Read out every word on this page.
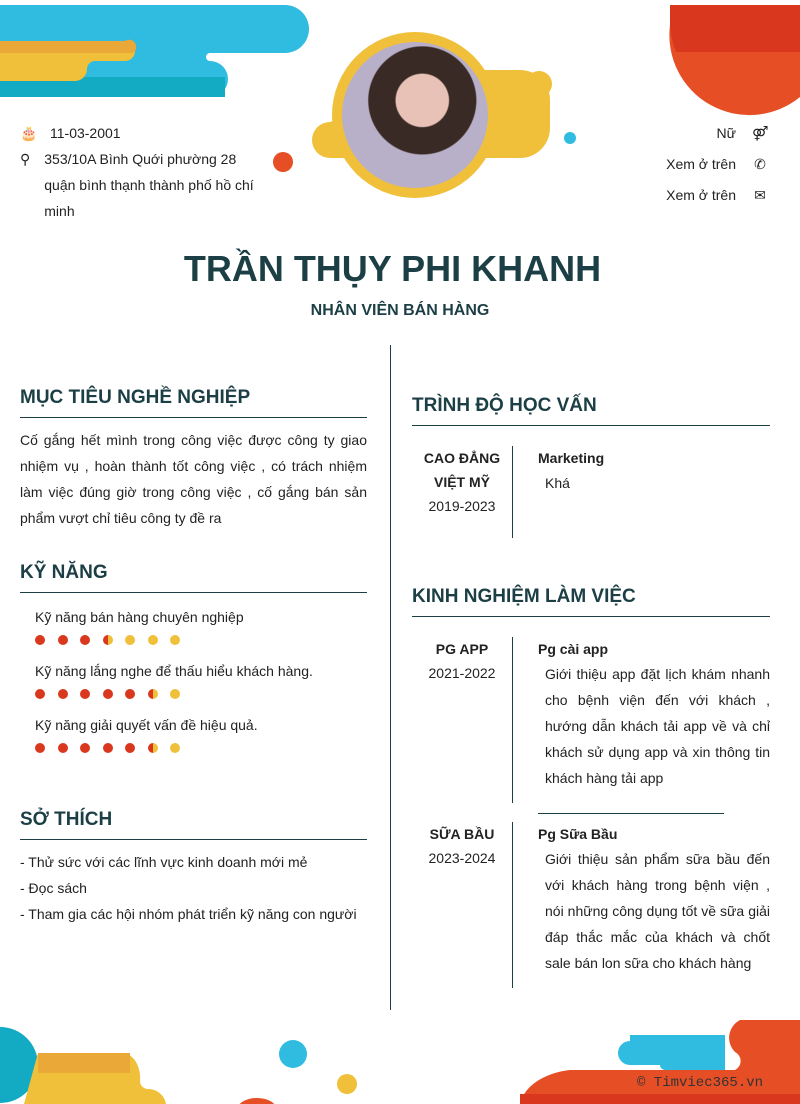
🎂 11-03-2001
⚲ 353/10A Bình Quới phường 28 quận bình thạnh thành phố hồ chí minh
Nữ ⚤
Xem ở trên ✆
Xem ở trên ✉
TRẦN THỤY PHI KHANH
NHÂN VIÊN BÁN HÀNG
MỤC TIÊU NGHỀ NGHIỆP
Cố gắng hết mình trong công việc được công ty giao nhiệm vụ , hoàn thành tốt công việc , có trách nhiệm làm việc đúng giờ trong công việc , cố gắng bán sản phẩm vượt chỉ tiêu công ty đề ra
KỸ NĂNG
Kỹ năng bán hàng chuyên nghiệp
Kỹ năng lắng nghe để thấu hiểu khách hàng.
Kỹ năng giải quyết vấn đề hiệu quả.
SỞ THÍCH
- Thử sức với các lĩnh vực kinh doanh mới mẻ
- Đọc sách
- Tham gia các hội nhóm phát triển kỹ năng con người
TRÌNH ĐỘ HỌC VẤN
CAO ĐẲNG VIỆT MỸ
2019-2023
Marketing
Khá
KINH NGHIỆM LÀM VIỆC
PG APP
2021-2022
Pg cài app
Giới thiệu app đặt lịch khám nhanh cho bệnh viện đến với khách , hướng dẫn khách tải app về và chỉ khách sử dụng app và xin thông tin khách hàng tải app
SỮA BẦU
2023-2024
Pg Sữa Bầu
Giới thiệu sản phẩm sữa bầu đến với khách hàng trong bệnh viện , nói những công dụng tốt về sữa giải đáp thắc mắc của khách và chốt sale bán lon sữa cho khách hàng
© Timviec365.vn
